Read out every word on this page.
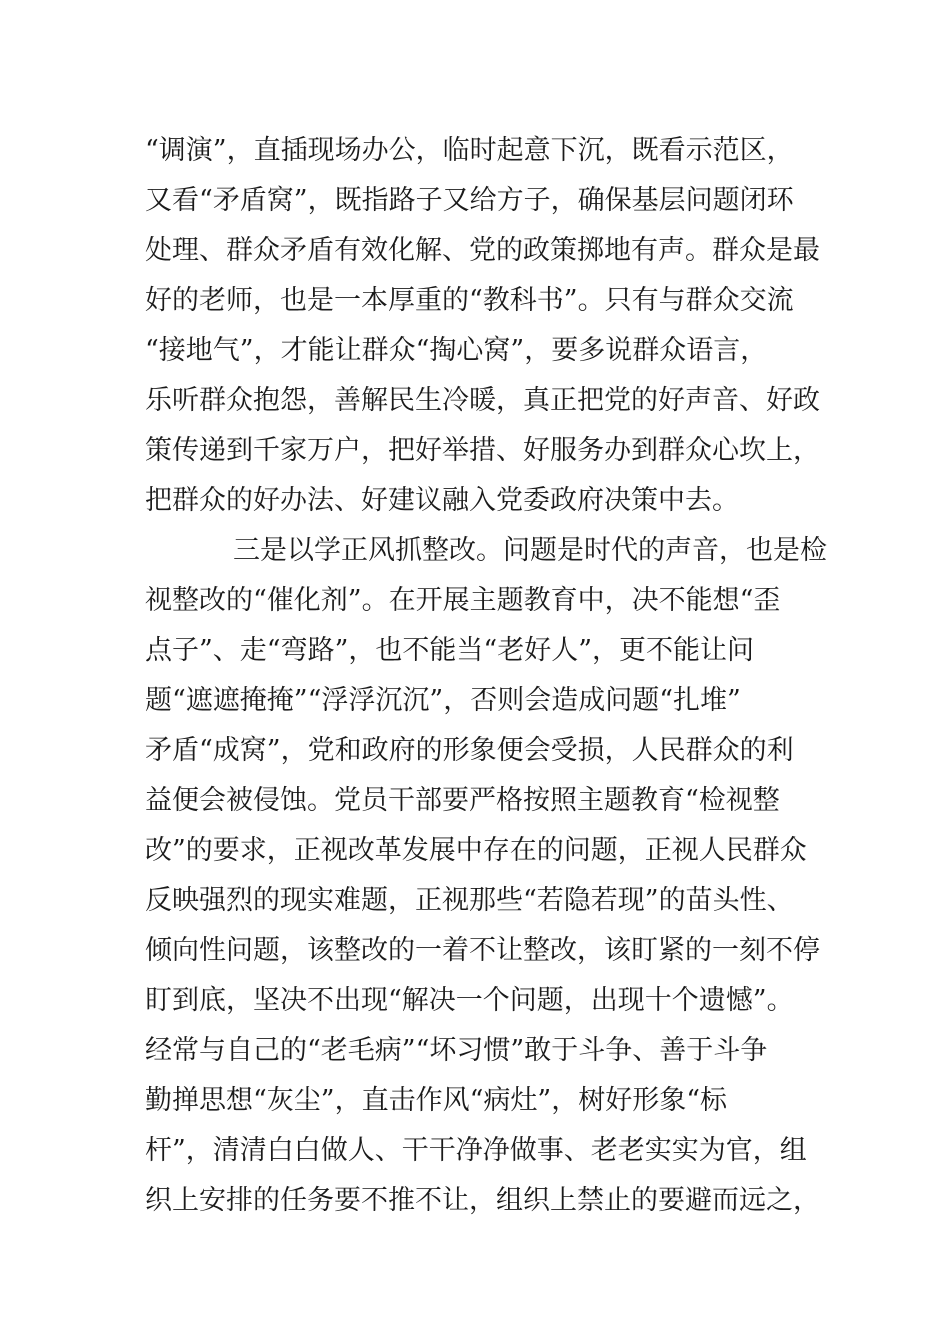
“调演”，直插现场办公，临时起意下沉，既看示范区，
又看“矛盾窝”，既指路子又给方子，确保基层问题闭环
处理、群众矛盾有效化解、党的政策掷地有声。群众是最
好的老师，也是一本厚重的“教科书”。只有与群众交流
“接地气”，才能让群众“掏心窝”，要多说群众语言，
乐听群众抱怨，善解民生冷暖，真正把党的好声音、好政
策传递到千家万户，把好举措、好服务办到群众心坎上，
把群众的好办法、好建议融入党委政府决策中去。
三是以学正风抓整改。问题是时代的声音，也是检
视整改的“催化剂”。在开展主题教育中，决不能想“歪
点子”、走“弯路”，也不能当“老好人”，更不能让问
题“遮遮掩掩”“浮浮沉沉”，否则会造成问题“扎堆”
矛盾“成窝”，党和政府的形象便会受损，人民群众的利
益便会被侵蚀。党员干部要严格按照主题教育“检视整
改”的要求，正视改革发展中存在的问题，正视人民群众
反映强烈的现实难题，正视那些“若隐若现”的苗头性、
倾向性问题，该整改的一着不让整改，该盯紧的一刻不停
盯到底，坚决不出现“解决一个问题，出现十个遗憾”。
经常与自己的“老毛病”“坏习惯”敢于斗争、善于斗争
勤掸思想“灰尘”，直击作风“病灶”，树好形象“标
杆”，清清白白做人、干干净净做事、老老实实为官，组
织上安排的任务要不推不让，组织上禁止的要避而远之，
